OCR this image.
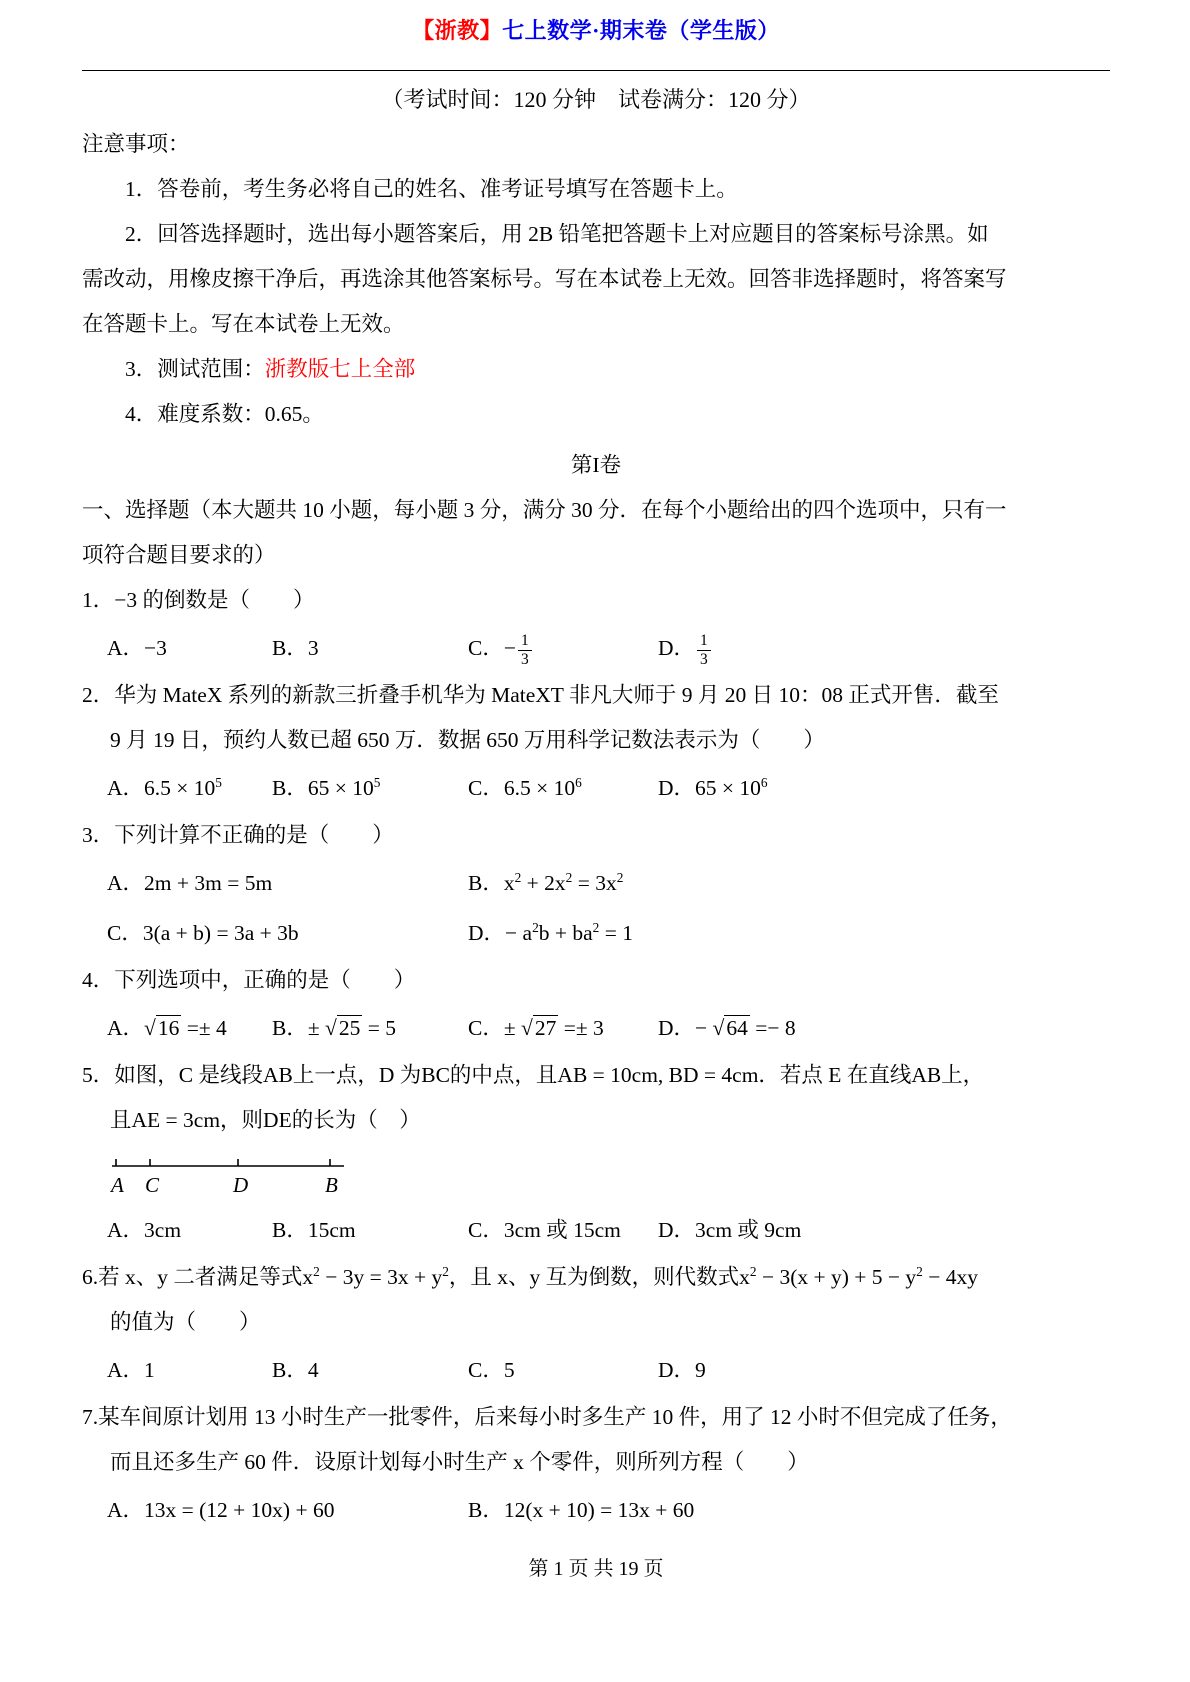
【浙教】七上数学·期末卷（学生版）
（考试时间：120 分钟　试卷满分：120 分）
注意事项：
1．答卷前，考生务必将自己的姓名、准考证号填写在答题卡上。
2．回答选择题时，选出每小题答案后，用 2B 铅笔把答题卡上对应题目的答案标号涂黑。如
需改动，用橡皮擦干净后，再选涂其他答案标号。写在本试卷上无效。回答非选择题时，将答案写
在答题卡上。写在本试卷上无效。
3．测试范围：浙教版七上全部
4．难度系数：0.65。
第I卷
一、选择题（本大题共 10 小题，每小题 3 分，满分 30 分．在每个小题给出的四个选项中，只有一
项符合题目要求的）
1．−3 的倒数是（　　）
A．−3	B．3	C．− $\frac{1}{3}$	D． $\frac{1}{3}$
2．华为 MateX 系列的新款三折叠手机华为 MateXT 非凡大师于 9 月 20 日 10：08 正式开售．截至
9 月 19 日，预约人数已超 650 万．数据 650 万用科学记数法表示为（　　）
A．$6.5 \times 10^5$	B．$65 \times 10^5$	C．$6.5 \times 10^6$	D．$65 \times 10^6$
3．下列计算不正确的是（　　）
A．2m + 3m = 5m	B．$x^2 + 2x^2 = 3x^2$
C．3(a + b) = 3a + 3b	D．− $a^2b + ba^2 = 1$
4．下列选项中，正确的是（　　）
A．√16 =± 4	B．± √25 = 5	C．± √27 =± 3	D．− √64 =− 8
5．如图，C 是线段AB上一点，D 为BC的中点，且AB = 10cm, BD = 4cm．若点 E 在直线AB上，
且AE = 3cm，则DE的长为（　）
A C	D	B
A．3cm	B．15cm	C．3cm 或 15cm	D．3cm 或 9cm
6.若 x、y 二者满足等式$x^2 - 3y = 3x + y^2$，且 x、y 互为倒数，则代数式$x^2 - 3(x + y) + 5 - y^2 - 4xy$
的值为（　　）
A．1	B．4	C．5	D．9
7.某车间原计划用 13 小时生产一批零件，后来每小时多生产 10 件，用了 12 小时不但完成了任务，
而且还多生产 60 件．设原计划每小时生产 x 个零件，则所列方程（　　）
A．13x = (12 + 10x) + 60	B．12(x + 10) = 13x + 60
第 1 页 共 19 页
